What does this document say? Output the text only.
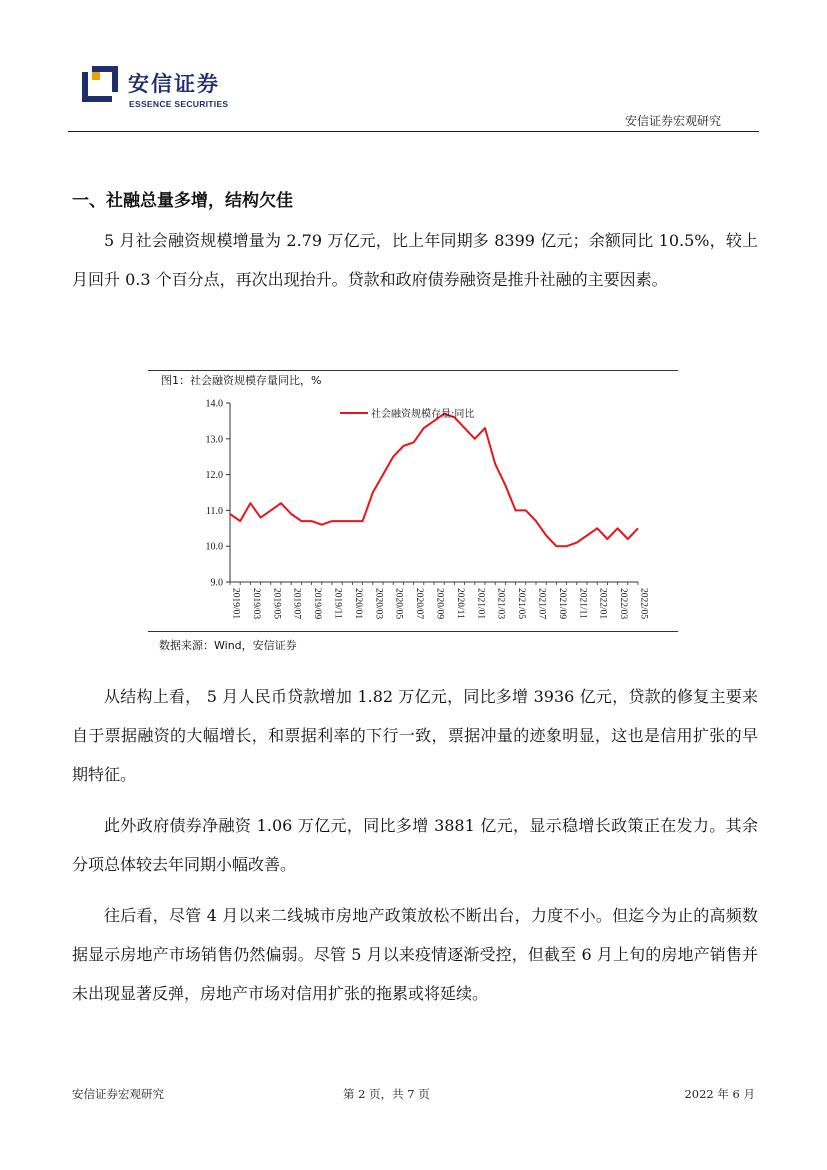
安信证券
ESSENCE SECURITIES
安信证券宏观研究
一、社融总量多增，结构欠佳

5 月社会融资规模增量为 2.79 万亿元，比上年同期多 8399 亿元；余额同比 10.5%，较上月回升 0.3 个百分点，再次出现抬升。贷款和政府债券融资是推升社融的主要因素。

图1：社会融资规模存量同比，%
9.0
10.0
11.0
12.0
13.0
14.0
2019/01 2019/03 2019/05 2019/07 2019/09 2019/11 2020/01 2020/03 2020/05 2020/07 2020/09 2020/11 2021/01 2021/03 2021/05 2021/07 2021/09 2021/11 2022/01 2022/03 2022/05
社会融资规模存量:同比
数据来源：Wind，安信证券

从结构上看， 5 月人民币贷款增加 1.82 万亿元，同比多增 3936 亿元，贷款的修复主要来自于票据融资的大幅增长，和票据利率的下行一致，票据冲量的迹象明显，这也是信用扩张的早期特征。

此外政府债券净融资 1.06 万亿元，同比多增 3881 亿元，显示稳增长政策正在发力。其余分项总体较去年同期小幅改善。

往后看，尽管 4 月以来二线城市房地产政策放松不断出台，力度不小。但迄今为止的高频数据显示房地产市场销售仍然偏弱。尽管 5 月以来疫情逐渐受控，但截至 6 月上旬的房地产销售并未出现显著反弹，房地产市场对信用扩张的拖累或将延续。

安信证券宏观研究	第 2 页，共 7 页	2022 年 6 月
